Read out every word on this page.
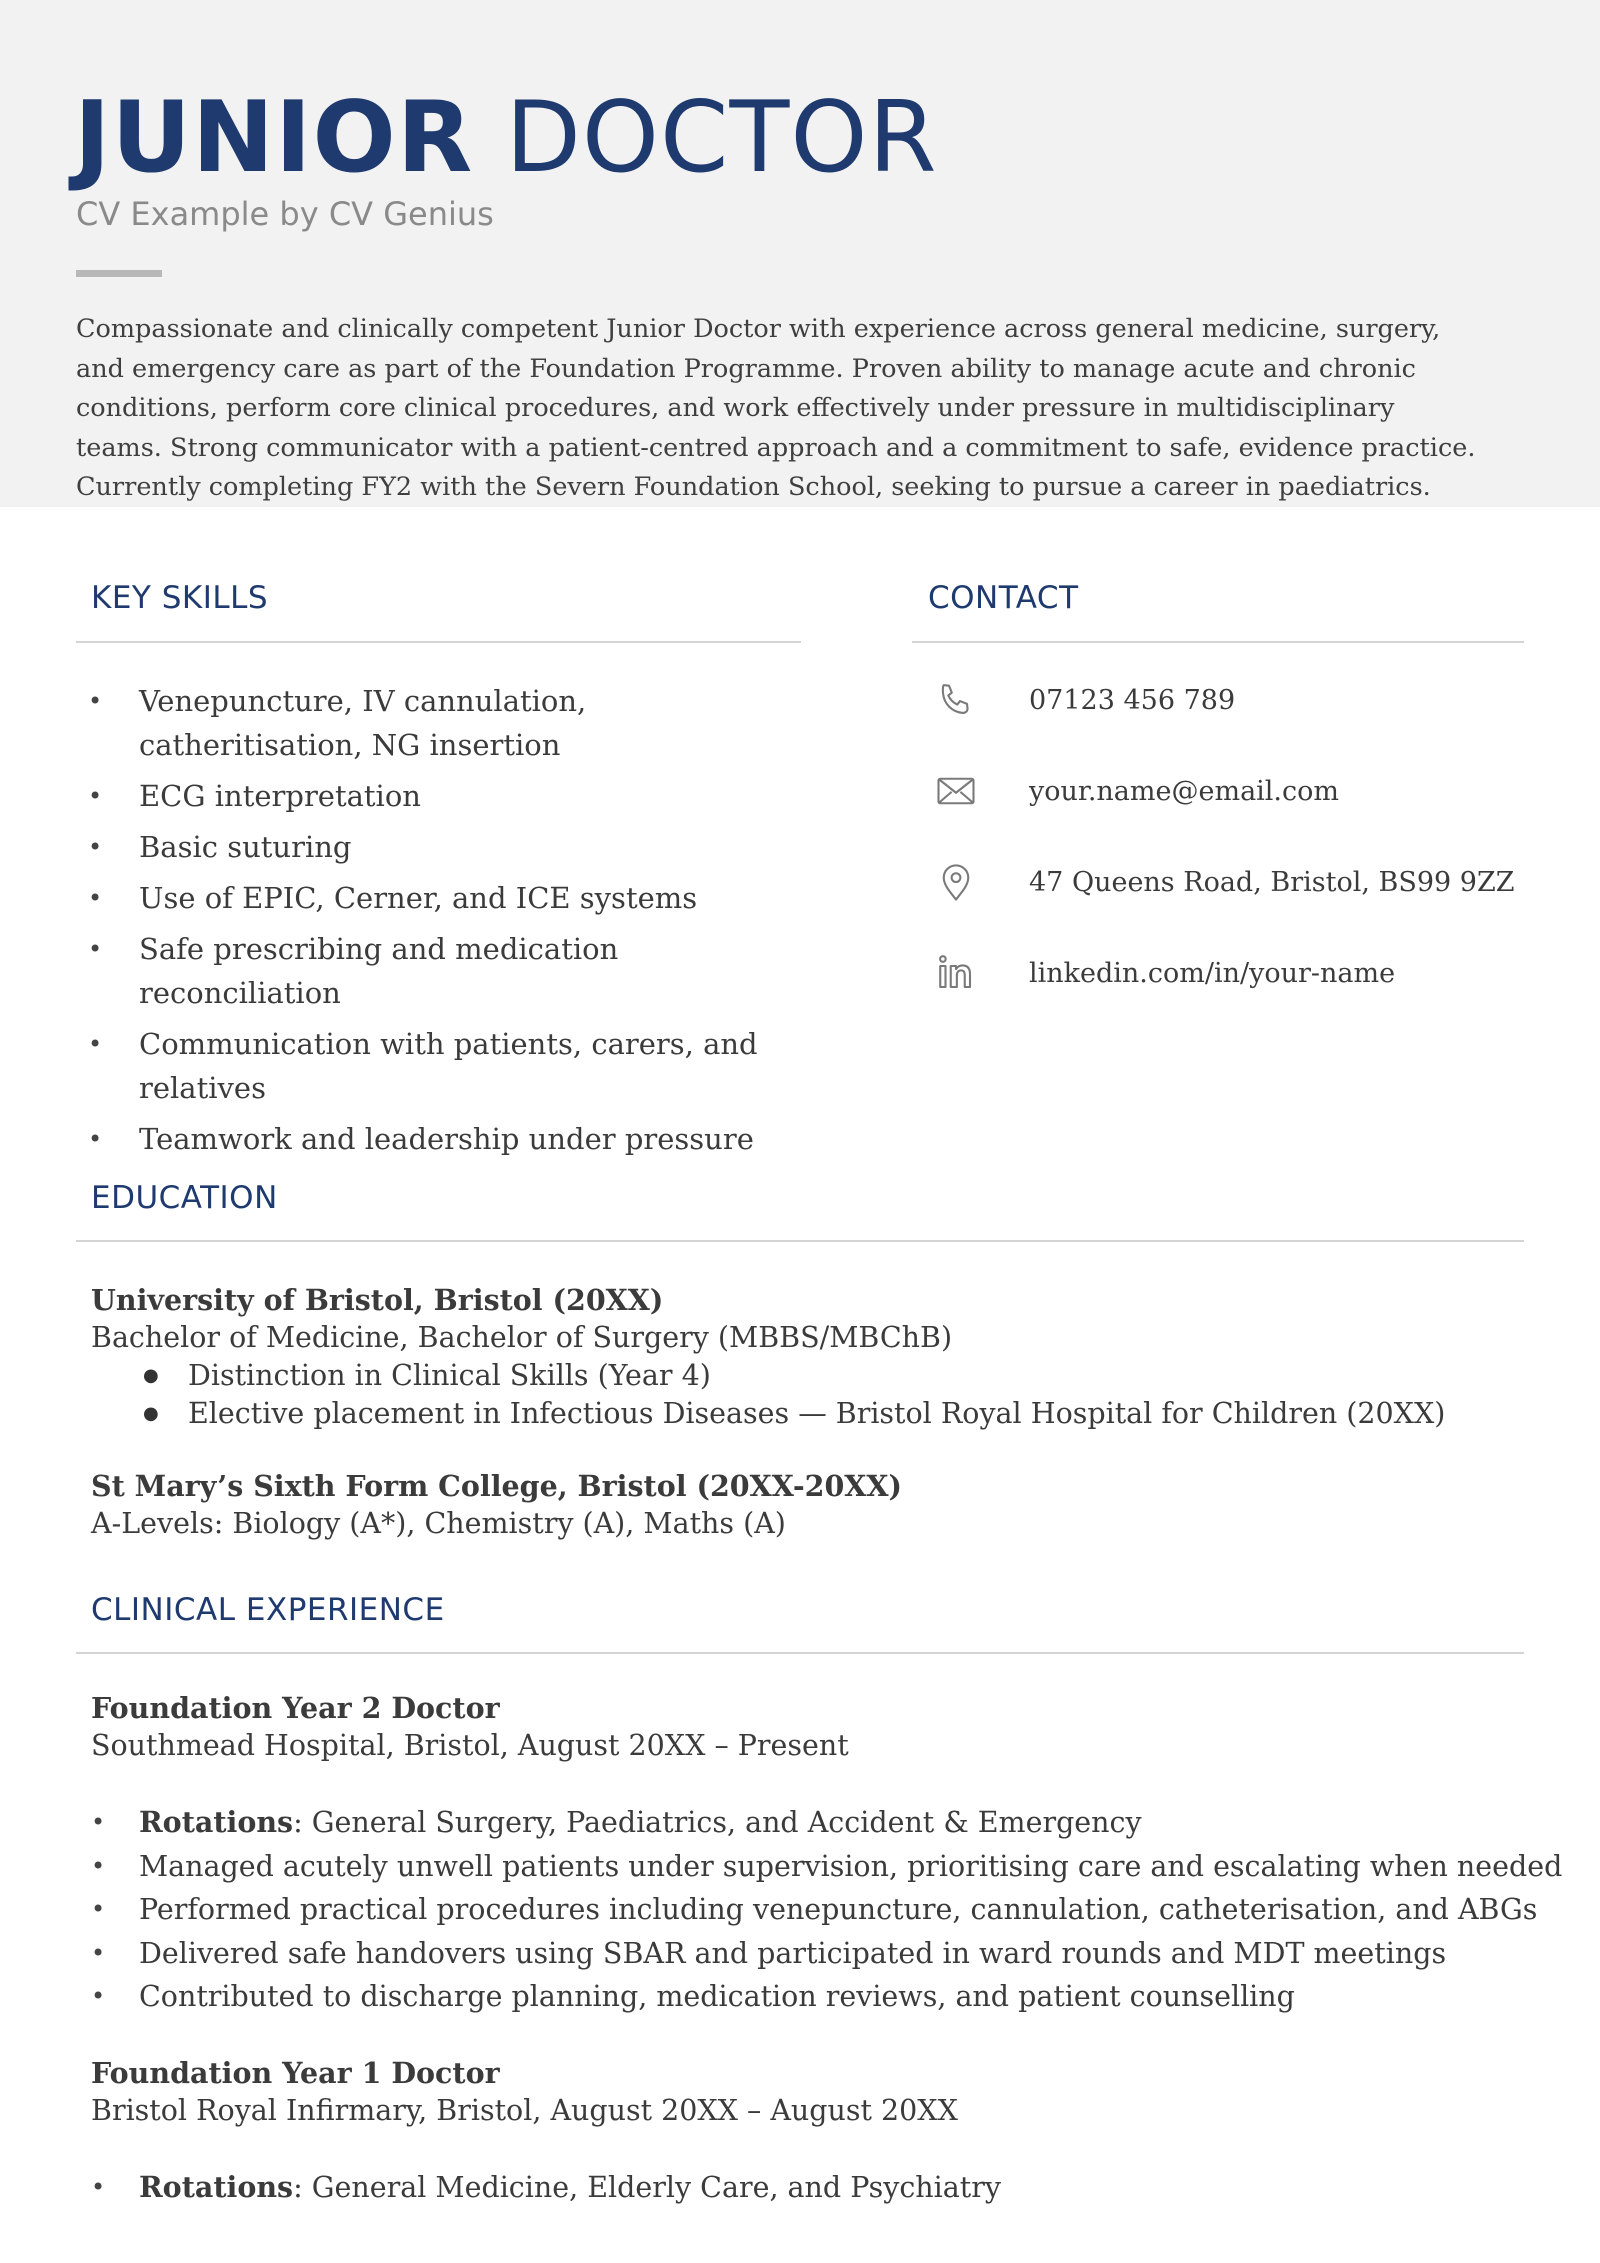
JUNIOR DOCTOR
CV Example by CV Genius

Compassionate and clinically competent Junior Doctor with experience across general medicine, surgery, and emergency care as part of the Foundation Programme. Proven ability to manage acute and chronic conditions, perform core clinical procedures, and work effectively under pressure in multidisciplinary teams. Strong communicator with a patient-centred approach and a commitment to safe, evidence practice. Currently completing FY2 with the Severn Foundation School, seeking to pursue a career in paediatrics.

KEY SKILLS
• Venepuncture, IV cannulation, catheritisation, NG insertion
• ECG interpretation
• Basic suturing
• Use of EPIC, Cerner, and ICE systems
• Safe prescribing and medication reconciliation
• Communication with patients, carers, and relatives
• Teamwork and leadership under pressure
CONTACT
07123 456 789
your.name@email.com
47 Queens Road, Bristol, BS99 9ZZ
linkedin.com/in/your-name
EDUCATION
University of Bristol, Bristol (20XX)
Bachelor of Medicine, Bachelor of Surgery (MBBS/MBChB)
● Distinction in Clinical Skills (Year 4)
● Elective placement in Infectious Diseases — Bristol Royal Hospital for Children (20XX)
St Mary’s Sixth Form College, Bristol (20XX-20XX)
A-Levels: Biology (A*), Chemistry (A), Maths (A)
CLINICAL EXPERIENCE
Foundation Year 2 Doctor
Southmead Hospital, Bristol, August 20XX – Present
• Rotations: General Surgery, Paediatrics, and Accident & Emergency
• Managed acutely unwell patients under supervision, prioritising care and escalating when needed
• Performed practical procedures including venepuncture, cannulation, catheterisation, and ABGs
• Delivered safe handovers using SBAR and participated in ward rounds and MDT meetings
• Contributed to discharge planning, medication reviews, and patient counselling
Foundation Year 1 Doctor
Bristol Royal Infirmary, Bristol, August 20XX – August 20XX
• Rotations: General Medicine, Elderly Care, and Psychiatry
